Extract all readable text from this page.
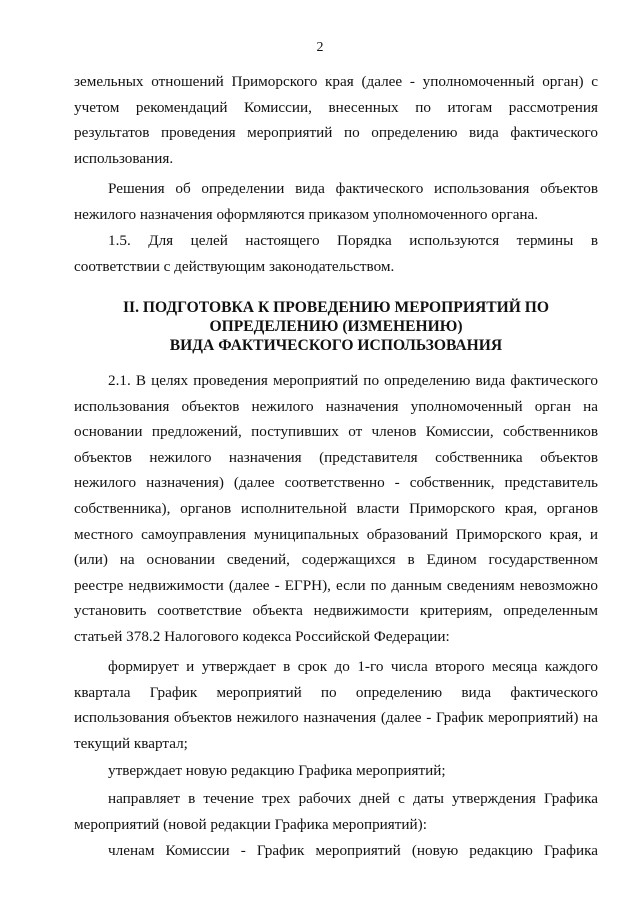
2
земельных отношений Приморского края (далее - уполномоченный орган) с
учетом рекомендаций Комиссии, внесенных по итогам рассмотрения
результатов проведения мероприятий по определению вида фактического
использования.
Решения об определении вида фактического использования объектов
нежилого назначения оформляются приказом уполномоченного органа.
1.5. Для целей настоящего Порядка используются термины в
соответствии с действующим законодательством.
II. ПОДГОТОВКА К ПРОВЕДЕНИЮ МЕРОПРИЯТИЙ ПО
ОПРЕДЕЛЕНИЮ (ИЗМЕНЕНИЮ)
ВИДА ФАКТИЧЕСКОГО ИСПОЛЬЗОВАНИЯ
2.1. В целях проведения мероприятий по определению вида фактического
использования объектов нежилого назначения уполномоченный орган на
основании предложений, поступивших от членов Комиссии, собственников
объектов нежилого назначения (представителя собственника объектов
нежилого назначения) (далее соответственно - собственник, представитель
собственника), органов исполнительной власти Приморского края, органов
местного самоуправления муниципальных образований Приморского края, и
(или) на основании сведений, содержащихся в Едином государственном
реестре недвижимости (далее - ЕГРН), если по данным сведениям невозможно
установить соответствие объекта недвижимости критериям, определенным
статьей 378.2 Налогового кодекса Российской Федерации:
формирует и утверждает в срок до 1-го числа второго месяца каждого
квартала График мероприятий по определению вида фактического
использования объектов нежилого назначения (далее - График мероприятий) на
текущий квартал;
утверждает новую редакцию Графика мероприятий;
направляет в течение трех рабочих дней с даты утверждения Графика
мероприятий (новой редакции Графика мероприятий):
членам Комиссии - График мероприятий (новую редакцию Графика
